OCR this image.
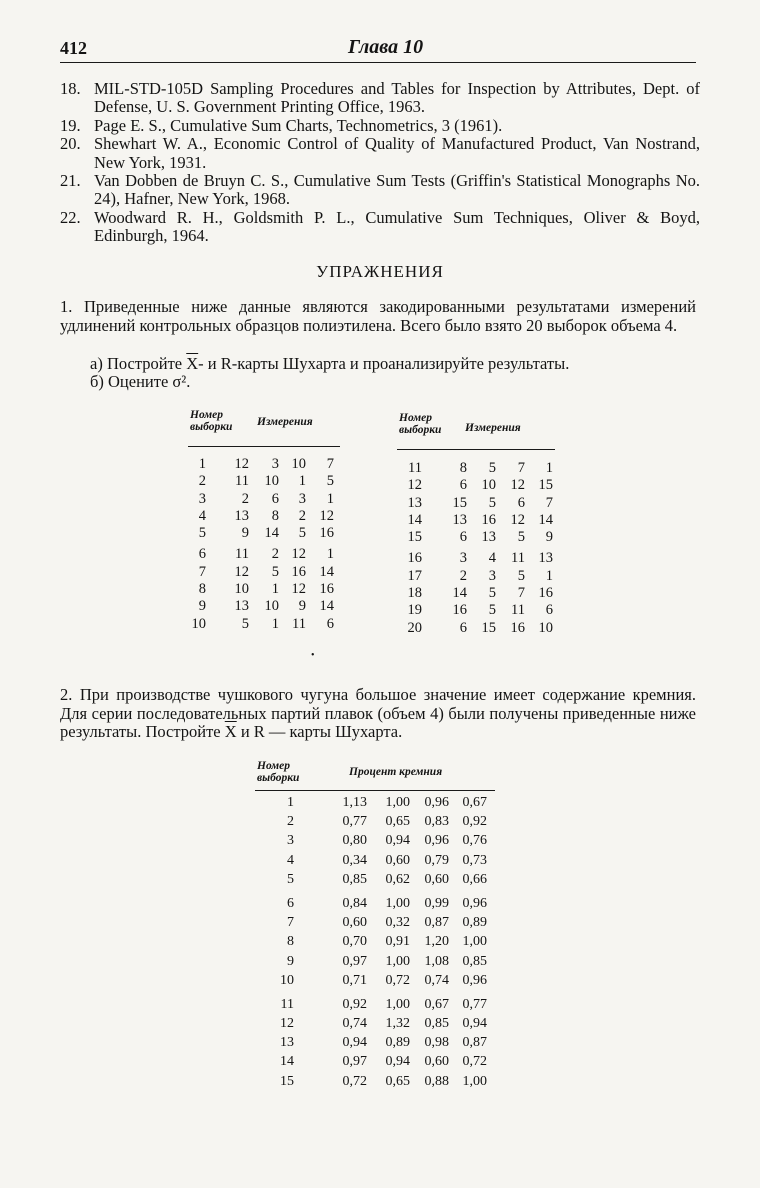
412	Глава 10
18. MIL-STD-105D Sampling Procedures and Tables for Inspection by Attributes, Dept. of Defense, U. S. Government Printing Office, 1963.
19. Page E. S., Cumulative Sum Charts, Technometrics, 3 (1961).
20. Shewhart W. A., Economic Control of Quality of Manufactured Product, Van Nostrand, New York, 1931.
21. Van Dobben de Bruyn C. S., Cumulative Sum Tests (Griffin's Statistical Monographs No. 24), Hafner, New York, 1968.
22. Woodward R. H., Goldsmith P. L., Cumulative Sum Techniques, Oliver & Boyd, Edinburgh, 1964.
УПРАЖНЕНИЯ
1. Приведенные ниже данные являются закодированными результатами измерений удлинений контрольных образцов полиэтилена. Всего было взято 20 выборок объема 4.
а) Постройте $\overline{X}-$ и R-карты Шухарта и проанализируйте результаты.
б) Оцените σ².
Номер
выборки Измерения	Номер
выборки Измерения
1	12	3 10	7
2	11	10	1	5
3	2	6	3	1
4	13	8	2 12
5	9	14	5 16
6	11	2 12	1
7	12	5 16 14
8	10	1 12 16
9	13	10	9 14
10	5	1 11	6
11	8	5	7	1
12	6	10	12 15
13	15	5	6	7
14	13	16	12 14
15	6	13	5	9
16	3	4	11 13
17	2	3	5	1
18	14	5	7 16
19	16	5	11	6
20	6	15	16 10
2. При производстве чушкового чугуна большое значение имеет содержание кремния. Для серии последовательных партий плавок (объем 4) были получены приведенные ниже результаты. Постройте $\overline{X}$ и R — карты Шухарта.
Номер
выборки	Процент кремния
1	1,13	1,00	0,96 0,67
2	0,77	0,65	0,83 0,92
3	0,80	0,94	0,96 0,76
4	0,34	0,60	0,79 0,73
5	0,85	0,62	0,60 0,66
6	0,84	1,00	0,99 0,96
7	0,60	0,32	0,87 0,89
8	0,70	0,91	1,20 1,00
9	0,97	1,00	1,08 0,85
10	0,71	0,72	0,74 0,96
11	0,92	1,00	0,67 0,77
12	0,74	1,32	0,85 0,94
13	0,94	0,89	0,98 0,87
14	0,97	0,94	0,60 0,72
15	0,72	0,65	0,88 1,00
•
